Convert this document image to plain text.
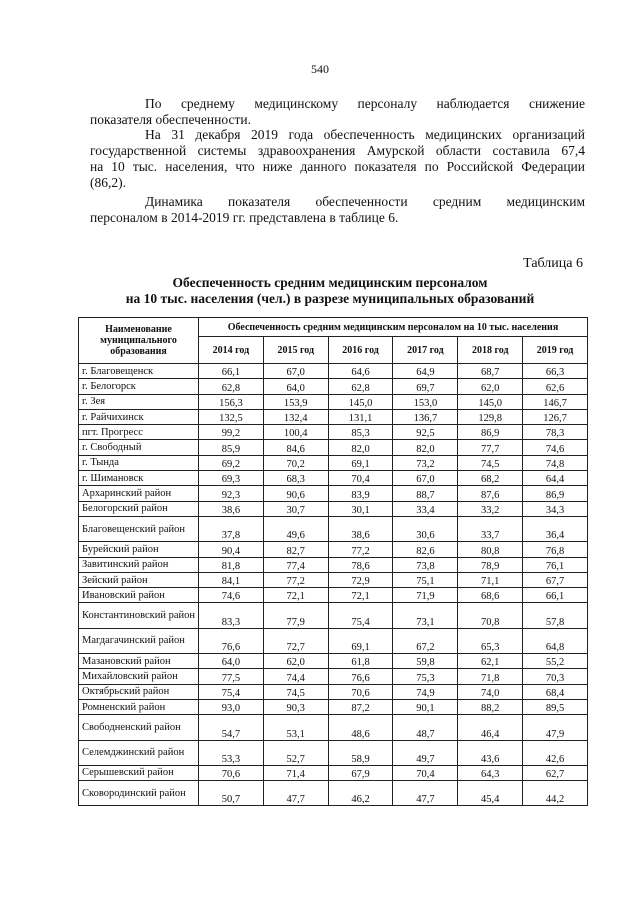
540

По среднему медицинскому персоналу наблюдается снижение
показателя обеспеченности.

На 31 декабря 2019 года обеспеченность медицинских организаций
государственной системы здравоохранения Амурской области составила 67,4
на 10 тыс. населения, что ниже данного показателя по Российской Федерации
(86,2).

Динамика показателя обеспеченности средним медицинским
персоналом в 2014-2019 гг. представлена в таблице 6.

Таблица 6
Обеспеченность средним медицинским персоналом
на 10 тыс. населения (чел.) в разрезе муниципальных образований
Наименование муниципального образования	Обеспеченность средним медицинским персоналом на 10 тыс. населения					
	2014 год	2015 год	2016 год	2017 год	2018 год	2019 год
г. Благовещенск	66,1	67,0	64,6	64,9	68,7	66,3
г. Белогорск	62,8	64,0	62,8	69,7	62,0	62,6
г. Зея	156,3	153,9	145,0	153,0	145,0	146,7
г. Райчихинск	132,5	132,4	131,1	136,7	129,8	126,7
пгт. Прогресс	99,2	100,4	85,3	92,5	86,9	78,3
г. Свободный	85,9	84,6	82,0	82,0	77,7	74,6
г. Тында	69,2	70,2	69,1	73,2	74,5	74,8
г. Шимановск	69,3	68,3	70,4	67,0	68,2	64,4
Архаринский район	92,3	90,6	83,9	88,7	87,6	86,9
Белогорский район	38,6	30,7	30,1	33,4	33,2	34,3
Благовещенский район	37,8	49,6	38,6	30,6	33,7	36,4
Бурейский район	90,4	82,7	77,2	82,6	80,8	76,8
Завитинский район	81,8	77,4	78,6	73,8	78,9	76,1
Зейский район	84,1	77,2	72,9	75,1	71,1	67,7
Ивановский район	74,6	72,1	72,1	71,9	68,6	66,1
Константиновский район	83,3	77,9	75,4	73,1	70,8	57,8
Магдагачинский район	76,6	72,7	69,1	67,2	65,3	64,8
Мазановский район	64,0	62,0	61,8	59,8	62,1	55,2
Михайловский район	77,5	74,4	76,6	75,3	71,8	70,3
Октябрьский район	75,4	74,5	70,6	74,9	74,0	68,4
Ромненский район	93,0	90,3	87,2	90,1	88,2	89,5
Свободненский район	54,7	53,1	48,6	48,7	46,4	47,9
Селемджинский район	53,3	52,7	58,9	49,7	43,6	42,6
Серышевский район	70,6	71,4	67,9	70,4	64,3	62,7
Сковородинский район	50,7	47,7	46,2	47,7	45,4	44,2
